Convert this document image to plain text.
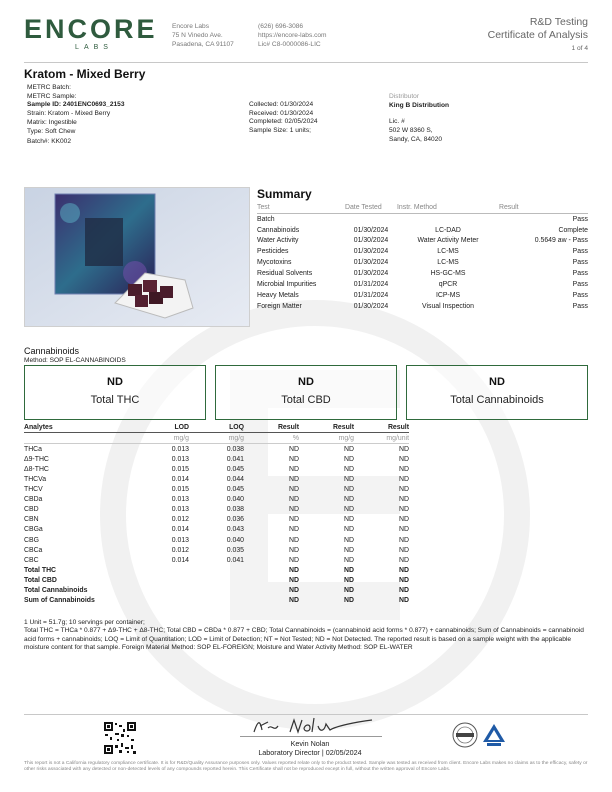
ENCORE
LABS
Encore Labs
75 N Vinedo Ave.
Pasadena, CA 91107
(626) 696-3086
https://encore-labs.com
Lic# C8-0000086-LIC
R&D Testing
Certificate of Analysis
1 of 4
Kratom - Mixed Berry
METRC Batch:
METRC Sample:
Sample ID: 2401ENC0693_2153
Strain: Kratom - Mixed Berry
Matrix: Ingestible
Type: Soft Chew
Batch#: KK002
Collected: 01/30/2024
Received: 01/30/2024
Completed: 02/05/2024
Sample Size: 1 units;
Distributor
King B Distribution
Lic. #
502 W 8360 S,
Sandy, CA, 84020
Summary
Test	Date Tested	Instr. Method	Result
Batch			Pass
Cannabinoids	01/30/2024	LC-DAD	Complete
Water Activity	01/30/2024	Water Activity Meter	0.5649 aw - Pass
Pesticides	01/30/2024	LC-MS	Pass
Mycotoxins	01/30/2024	LC-MS	Pass
Residual Solvents	01/30/2024	HS-GC-MS	Pass
Microbial Impurities	01/31/2024	qPCR	Pass
Heavy Metals	01/31/2024	ICP-MS	Pass
Foreign Matter	01/30/2024	Visual Inspection	Pass
Cannabinoids
Method: SOP EL-CANNABINOIDS
ND
Total THC
ND
Total CBD
ND
Total Cannabinoids
Analytes	LOD	LOQ	Result	Result	Result
	mg/g	mg/g	%	mg/g	mg/unit
THCa	0.013	0.038	ND	ND	ND
Δ9-THC	0.013	0.041	ND	ND	ND
Δ8-THC	0.015	0.045	ND	ND	ND
THCVa	0.014	0.044	ND	ND	ND
THCV	0.015	0.045	ND	ND	ND
CBDa	0.013	0.040	ND	ND	ND
CBD	0.013	0.038	ND	ND	ND
CBN	0.012	0.036	ND	ND	ND
CBGa	0.014	0.043	ND	ND	ND
CBG	0.013	0.040	ND	ND	ND
CBCa	0.012	0.035	ND	ND	ND
CBC	0.014	0.041	ND	ND	ND
Total THC			ND	ND	ND
Total CBD			ND	ND	ND
Total Cannabinoids			ND	ND	ND
Sum of Cannabinoids			ND	ND	ND
1 Unit = 51.7g; 10 servings per container;
Total THC = THCa * 0.877 + Δ9-THC + Δ8-THC; Total CBD = CBDa * 0.877 + CBD; Total Cannabinoids = (cannabinoid acid forms * 0.877) + cannabinoids; Sum of Cannabinoids = cannabinoid acid forms + cannabinoids; LOQ = Limit of Quantitation; LOD = Limit of Detection; NT = Not Tested; ND = Not Detected. The reported result is based on a sample weight with the applicable moisture content for that sample. Foreign Material Method: SOP EL-FOREIGN; Moisture and Water Activity Method: SOP EL-WATER
Kevin Nolan
Laboratory Director | 02/05/2024
This report is not a California regulatory compliance certificate. It is for R&D/Quality Assurance purposes only. Values reported relate only to the product tested. Sample was tested as received from client. Encore Labs makes no claims as to the efficacy, safety or other risks associated with any detected or non-detected levels of any compounds reported herein. This Certificate shall not be reproduced except in full, without the written approval of Encore Labs.
